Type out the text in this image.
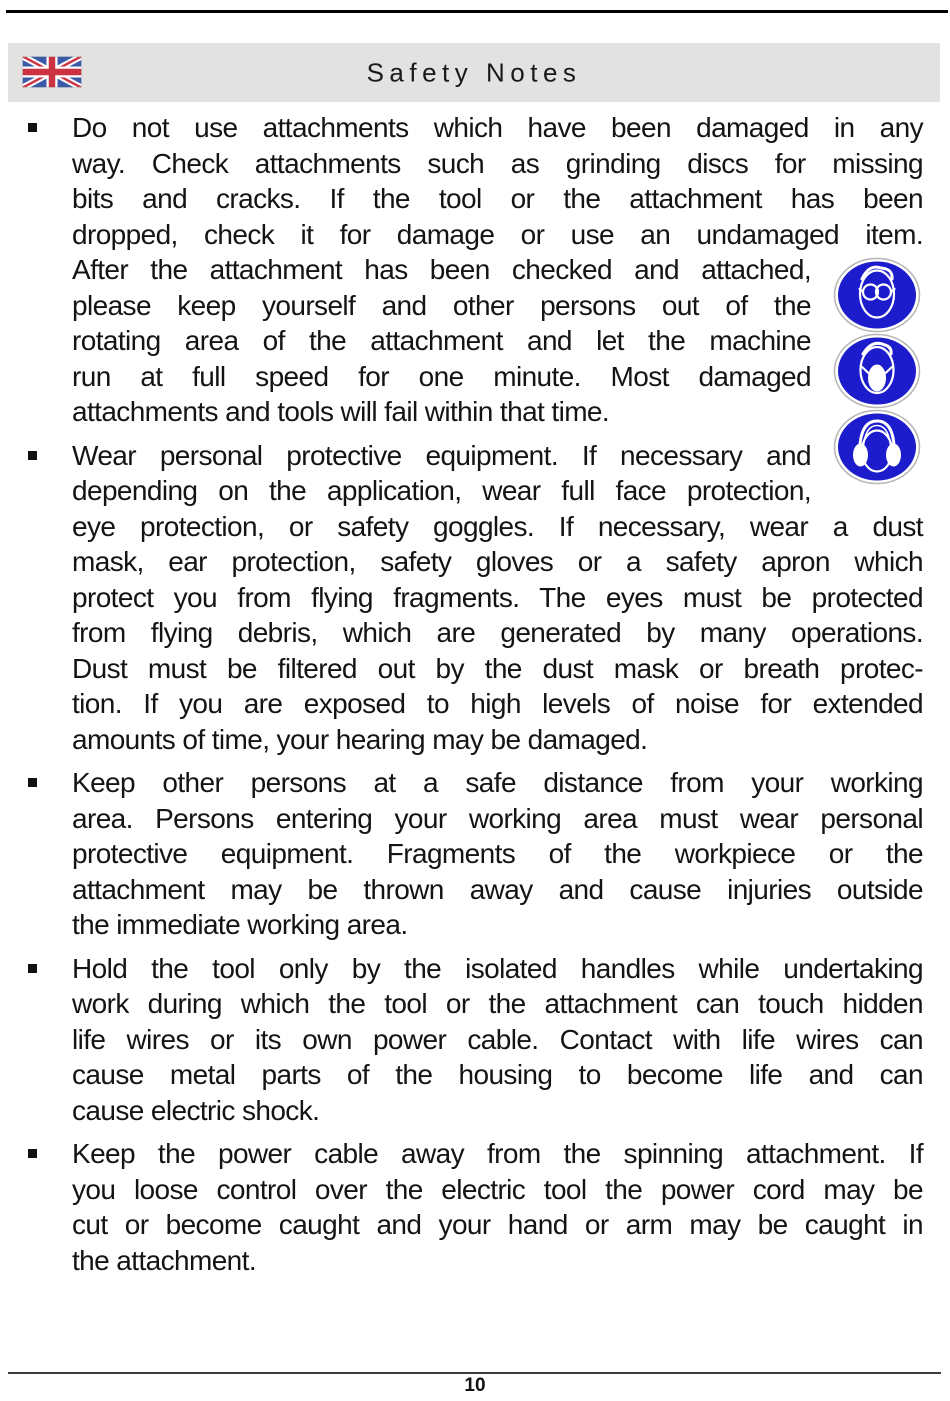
Safety Notes
Do not use attachments which have been damaged in any
way. Check attachments such as grinding discs for missing
bits and cracks. If the tool or the attachment has been
dropped, check it for damage or use an undamaged item.
After the attachment has been checked and attached,
please keep yourself and other persons out of the
rotating area of the attachment and let the machine
run at full speed for one minute. Most damaged
attachments and tools will fail within that time.
Wear personal protective equipment. If necessary and
depending on the application, wear full face protection,
eye protection, or safety goggles. If necessary, wear a dust
mask, ear protection, safety gloves or a safety apron which
protect you from flying fragments. The eyes must be protected
from flying debris, which are generated by many operations.
Dust must be filtered out by the dust mask or breath protec-
tion. If you are exposed to high levels of noise for extended
amounts of time, your hearing may be damaged.
Keep other persons at a safe distance from your working
area. Persons entering your working area must wear personal
protective equipment. Fragments of the workpiece or the
attachment may be thrown away and cause injuries outside
the immediate working area.
Hold the tool only by the isolated handles while undertaking
work during which the tool or the attachment can touch hidden
life wires or its own power cable. Contact with life wires can
cause metal parts of the housing to become life and can
cause electric shock.
Keep the power cable away from the spinning attachment. If
you loose control over the electric tool the power cord may be
cut or become caught and your hand or arm may be caught in
the attachment.
10
